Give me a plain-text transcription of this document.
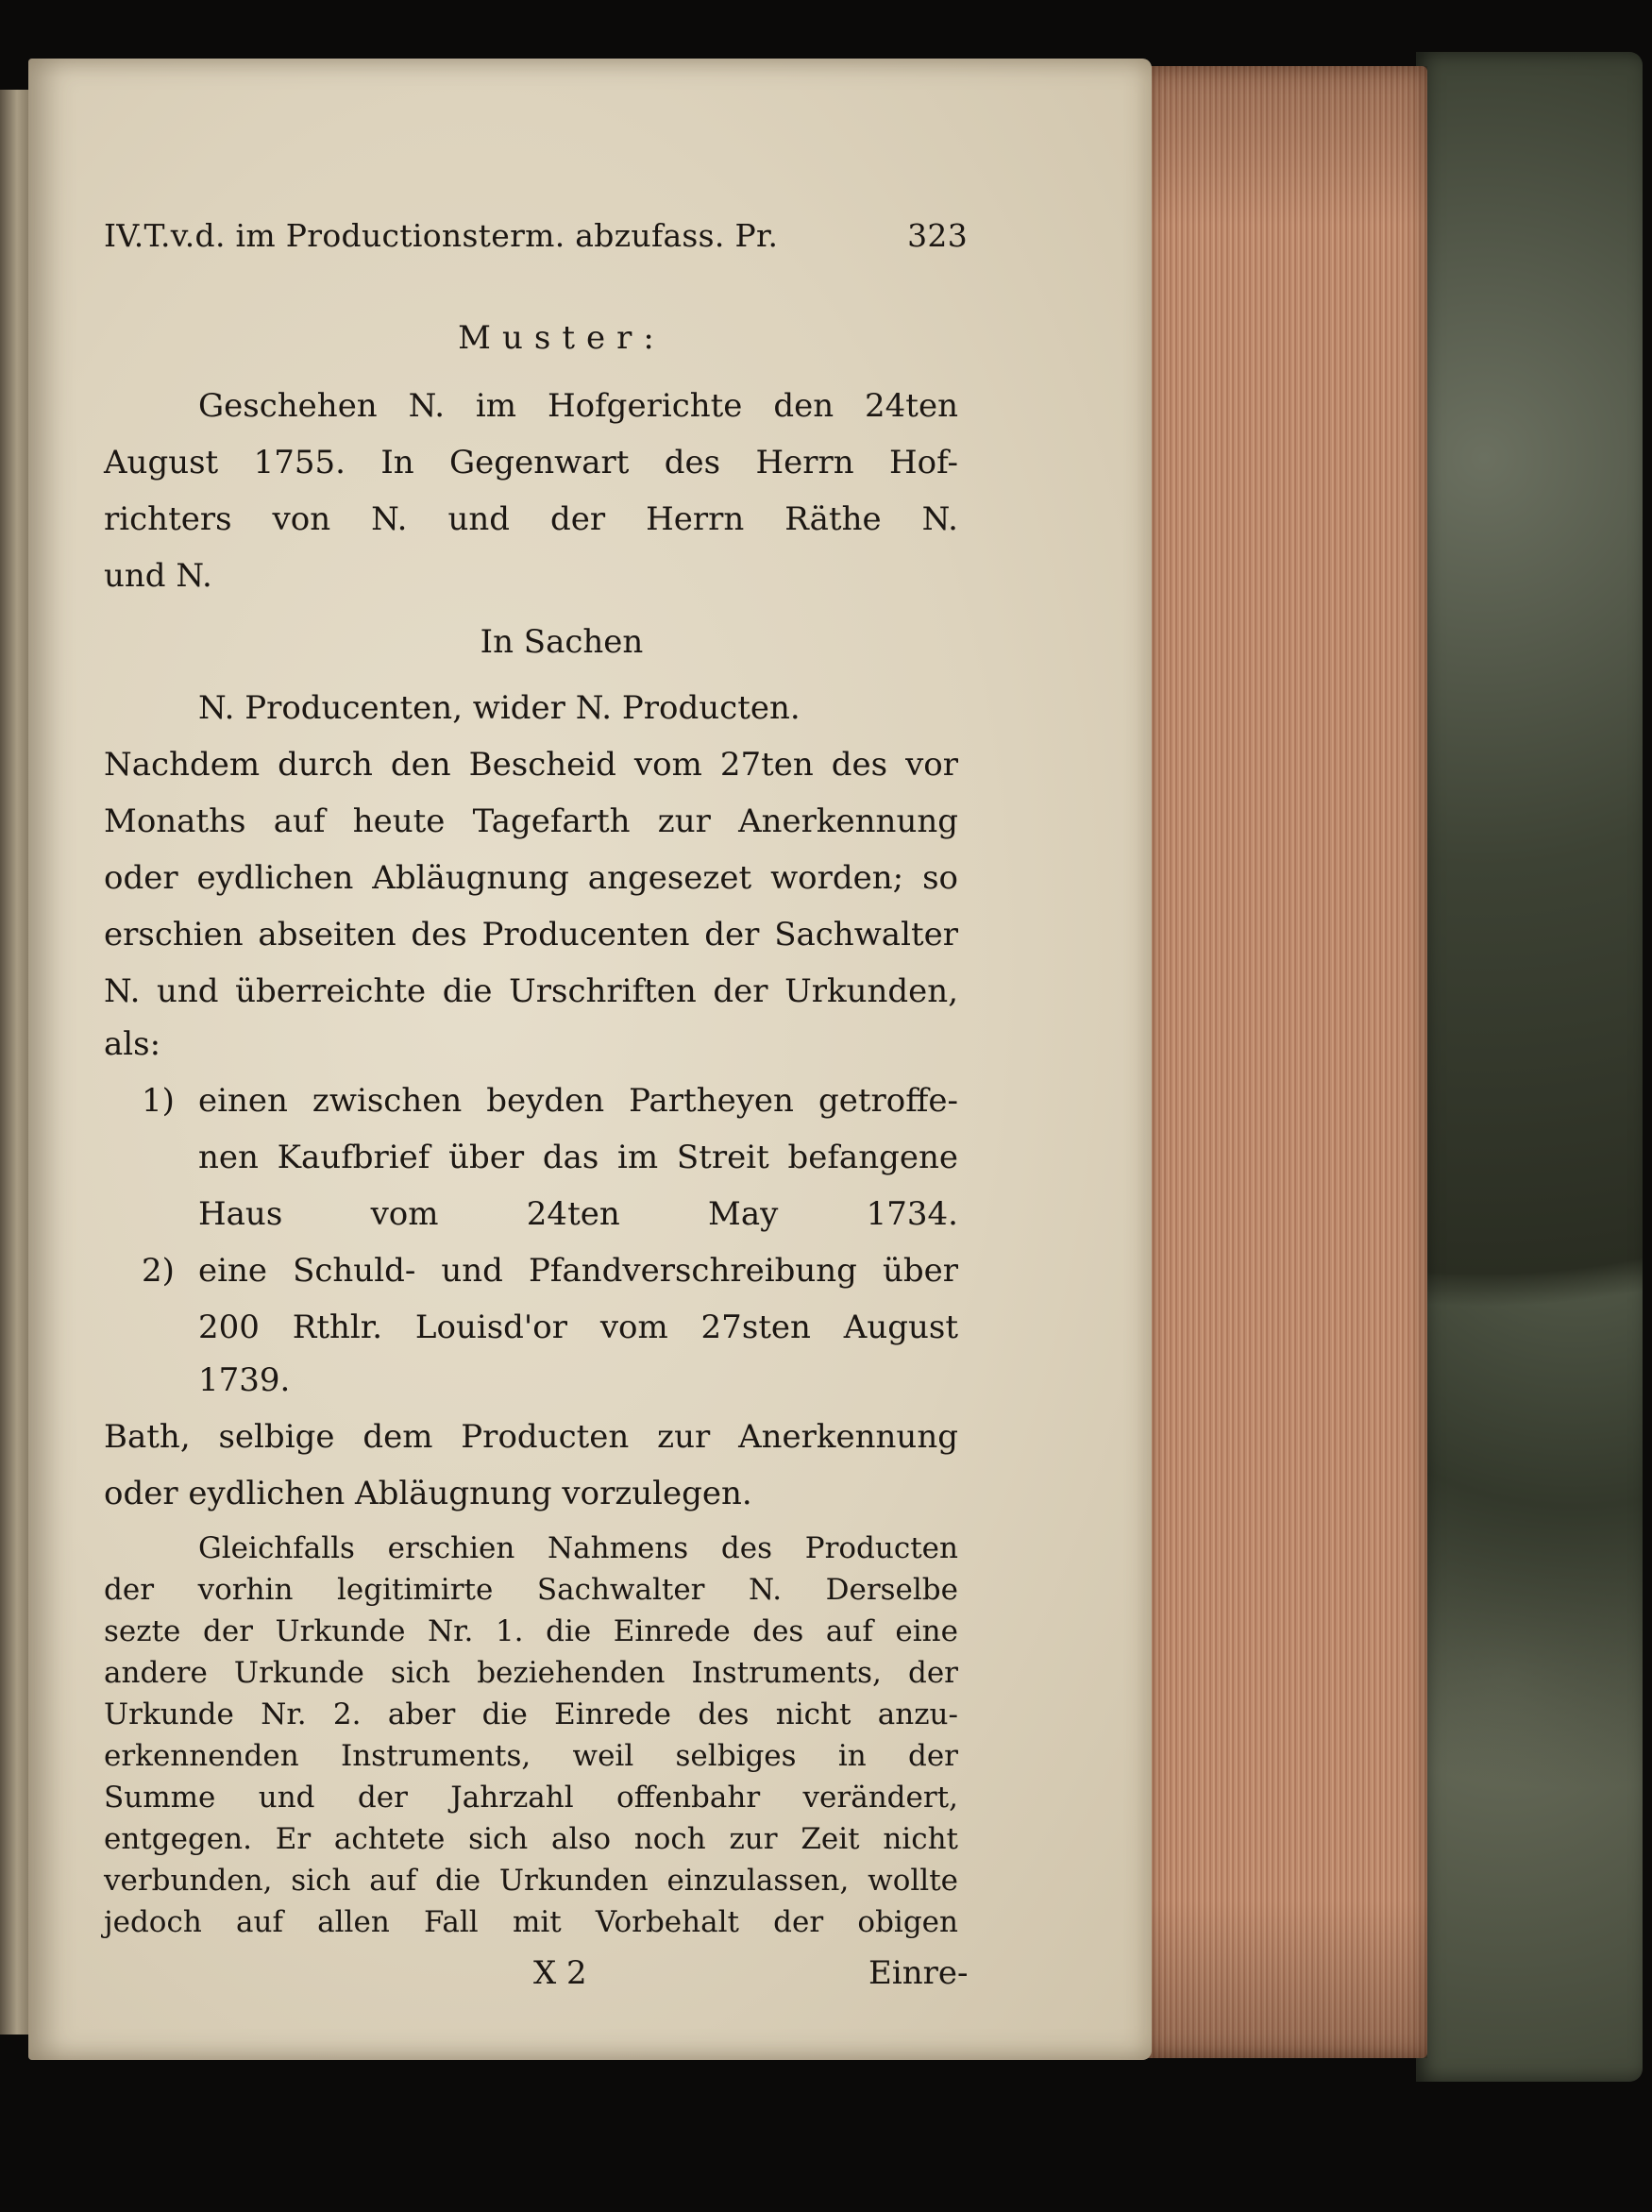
IV.T.v.d. im Productionsterm. abzufass. Pr.	323
Muster:
Geschehen N. im Hofgerichte den 24ten
August 1755. In Gegenwart des Herrn Hof-
richters von N. und der Herrn Räthe N.
und N.
In Sachen
N. Producenten, wider N. Producten.
Nachdem durch den Bescheid vom 27ten des vor
Monaths auf heute Tagefarth zur Anerkennung
oder eydlichen Abläugnung angesezet worden; so
erschien abseiten des Producenten der Sachwalter
N. und überreichte die Urschriften der Urkunden,
als:
1) einen zwischen beyden Partheyen getroffe-
nen Kaufbrief über das im Streit befangene
Haus vom 24ten May 1734.
2) eine Schuld- und Pfandverschreibung über
200 Rthlr. Louisd'or vom 27sten August
1739.
Bath, selbige dem Producten zur Anerkennung
oder eydlichen Abläugnung vorzulegen.
X 2	Einre-
Gleichfalls erschien Nahmens des Producten
der vorhin legitimirte Sachwalter N. Derselbe
sezte der Urkunde Nr. 1. die Einrede des auf eine
andere Urkunde sich beziehenden Instruments, der
Urkunde Nr. 2. aber die Einrede des nicht anzu-
erkennenden Instruments, weil selbiges in der
Summe und der Jahrzahl offenbahr verändert,
entgegen. Er achtete sich also noch zur Zeit nicht
verbunden, sich auf die Urkunden einzulassen, wollte
jedoch auf allen Fall mit Vorbehalt der obigen
